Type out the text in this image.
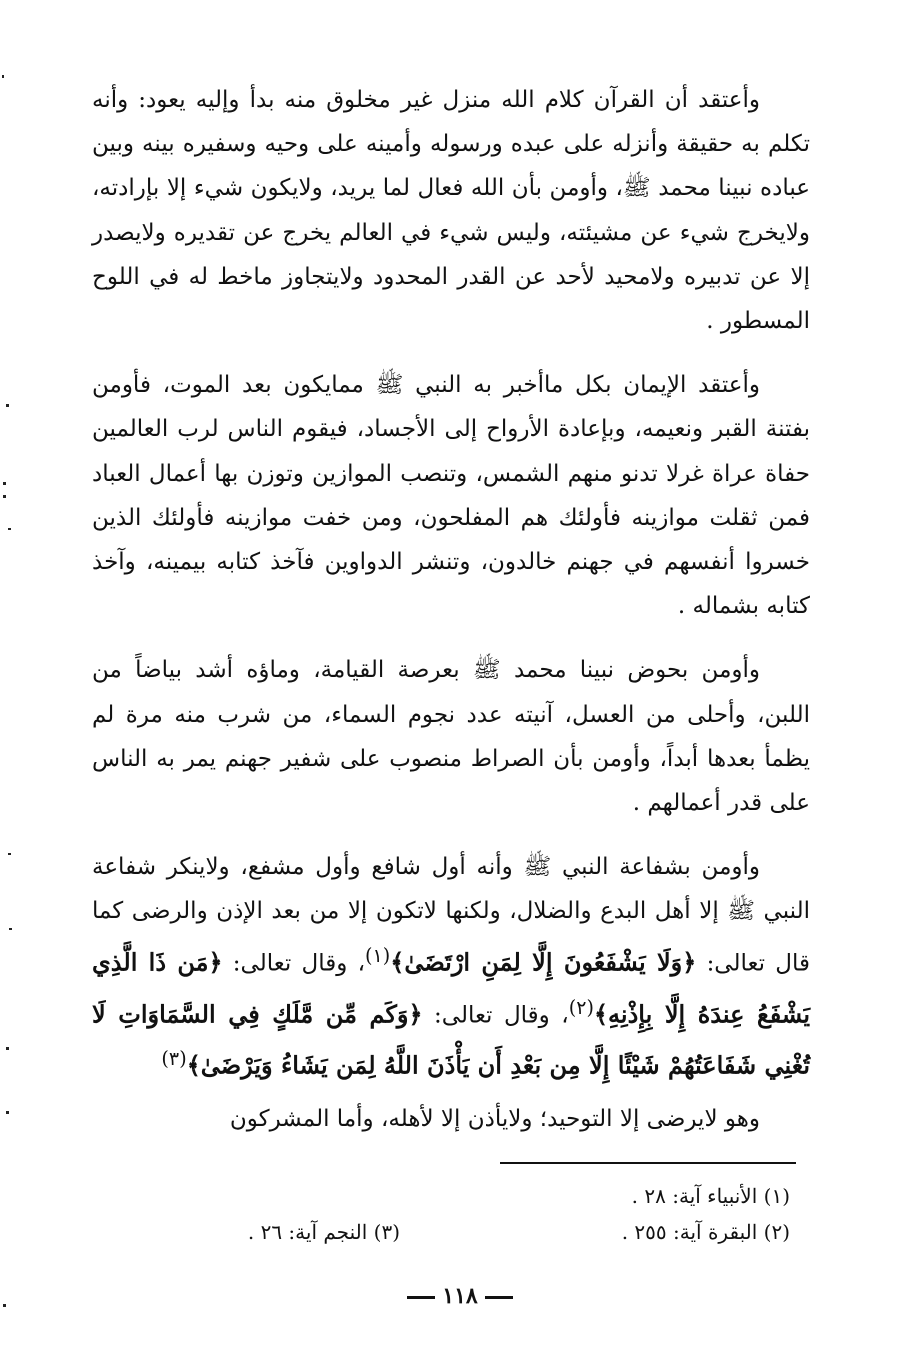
وأعتقد أن القرآن كلام الله منزل غير مخلوق منه بدأ وإليه يعود: وأنه تكلم به حقيقة وأنزله على عبده ورسوله وأمينه على وحيه وسفيره بينه وبين عباده نبينا محمد ﷺ، وأومن بأن الله فعال لما يريد، ولايكون شيء إلا بإرادته، ولايخرج شيء عن مشيئته، وليس شيء في العالم يخرج عن تقديره ولايصدر إلا عن تدبيره ولامحيد لأحد عن القدر المحدود ولايتجاوز ماخط له في اللوح المسطور .

وأعتقد الإيمان بكل ماأخبر به النبي ﷺ ممايكون بعد الموت، فأومن بفتنة القبر ونعيمه، وبإعادة الأرواح إلى الأجساد، فيقوم الناس لرب العالمين حفاة عراة غرلا تدنو منهم الشمس، وتنصب الموازين وتوزن بها أعمال العباد فمن ثقلت موازينه فأولئك هم المفلحون، ومن خفت موازينه فأولئك الذين خسروا أنفسهم في جهنم خالدون، وتنشر الدواوين فآخذ كتابه بيمينه، وآخذ كتابه بشماله .

وأومن بحوض نبينا محمد ﷺ بعرصة القيامة، وماؤه أشد بياضاً من اللبن، وأحلى من العسل، آنيته عدد نجوم السماء، من شرب منه مرة لم يظمأ بعدها أبداً، وأومن بأن الصراط منصوب على شفير جهنم يمر به الناس على قدر أعمالهم .

وأومن بشفاعة النبي ﷺ وأنه أول شافع وأول مشفع، ولاينكر شفاعة النبي ﷺ إلا أهل البدع والضلال، ولكنها لاتكون إلا من بعد الإذن والرضى كما قال تعالى: ﴿وَلَا يَشْفَعُونَ إِلَّا لِمَنِ ارْتَضَىٰ﴾$^{(١)}$، وقال تعالى: ﴿مَن ذَا الَّذِي يَشْفَعُ عِندَهُ إِلَّا بِإِذْنِهِ﴾$^{(٢)}$، وقال تعالى: ﴿وَكَم مِّن مَّلَكٍ فِي السَّمَاوَاتِ لَا تُغْنِي شَفَاعَتُهُمْ شَيْئًا إِلَّا مِن بَعْدِ أَن يَأْذَنَ اللَّهُ لِمَن يَشَاءُ وَيَرْضَىٰ﴾$^{(٣)}$

وهو لايرضى إلا التوحيد؛ ولايأذن إلا لأهله، وأما المشركون

(١) الأنبياء آية: ٢٨ .
(٢) البقرة آية: ٢٥٥ .
(٣) النجم آية: ٢٦ .
١١٨
